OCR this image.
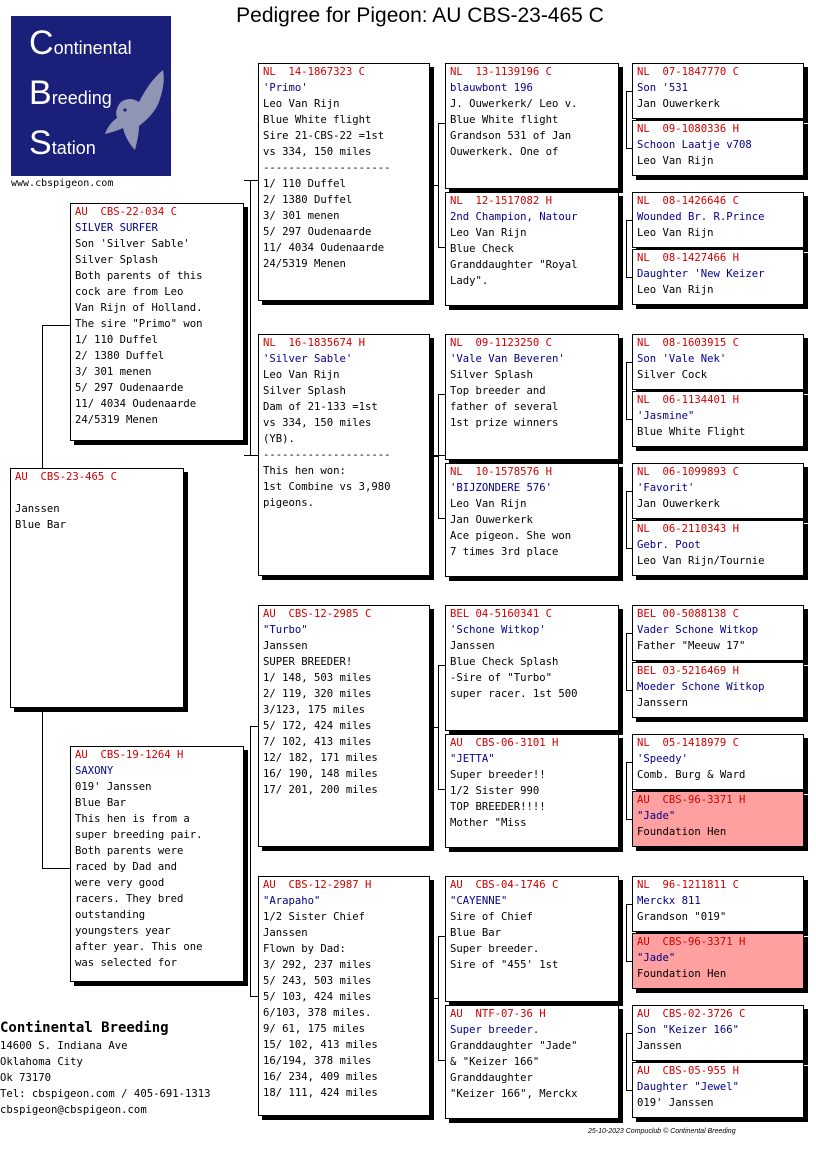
Pedigree for Pigeon: AU CBS-23-465 C
Continental
Breeding
Station
www.cbspigeon.com
AU  CBS-23-465 C

Janssen
Blue Bar
AU  CBS-22-034 C
SILVER SURFER
Son 'Silver Sable'
Silver Splash
Both parents of this
cock are from Leo
Van Rijn of Holland.
The sire "Primo" won
1/ 110 Duffel
2/ 1380 Duffel
3/ 301 menen
5/ 297 Oudenaarde
11/ 4034 Oudenaarde
24/5319 Menen
AU  CBS-19-1264 H
SAXONY
019' Janssen
Blue Bar
This hen is from a
super breeding pair.
Both parents were
raced by Dad and
were very good
racers. They bred
outstanding
youngsters year
after year. This one
was selected for
NL  14-1867323 C
'Primo'
Leo Van Rijn
Blue White flight
Sire 21-CBS-22 =1st
vs 334, 150 miles
--------------------
1/ 110 Duffel
2/ 1380 Duffel
3/ 301 menen
5/ 297 Oudenaarde
11/ 4034 Oudenaarde
24/5319 Menen
NL  16-1835674 H
'Silver Sable'
Leo Van Rijn
Silver Splash
Dam of 21-133 =1st
vs 334, 150 miles
(YB).
--------------------
This hen won:
1st Combine vs 3,980
pigeons.
AU  CBS-12-2985 C
"Turbo"
Janssen
SUPER BREEDER!
1/ 148, 503 miles
2/ 119, 320 miles
3/123, 175 miles
5/ 172, 424 miles
7/ 102, 413 miles
12/ 182, 171 miles
16/ 190, 148 miles
17/ 201, 200 miles
AU  CBS-12-2987 H
"Arapaho"
1/2 Sister Chief
Janssen
Flown by Dad:
3/ 292, 237 miles
5/ 243, 503 miles
5/ 103, 424 miles
6/103, 378 miles.
9/ 61, 175 miles
15/ 102, 413 miles
16/194, 378 miles
16/ 234, 409 miles
18/ 111, 424 miles
NL  13-1139196 C
blauwbont 196
J. Ouwerkerk/ Leo v.
Blue White flight
Grandson 531 of Jan
Ouwerkerk. One of
NL  12-1517082 H
2nd Champion, Natour
Leo Van Rijn
Blue Check
Granddaughter "Royal
Lady".
NL  09-1123250 C
'Vale Van Beveren'
Silver Splash
Top breeder and
father of several
1st prize winners
NL  10-1578576 H
'BIJZONDERE 576'
Leo Van Rijn
Jan Ouwerkerk
Ace pigeon. She won
7 times 3rd place
BEL 04-5160341 C
'Schone Witkop'
Janssen
Blue Check Splash
-Sire of "Turbo"
super racer. 1st 500
AU  CBS-06-3101 H
"JETTA"
Super breeder!!
1/2 Sister 990
TOP BREEDER!!!!
Mother "Miss
AU  CBS-04-1746 C
"CAYENNE"
Sire of Chief
Blue Bar
Super breeder.
Sire of "455' 1st
AU  NTF-07-36 H
Super breeder.
Granddaughter "Jade"
& "Keizer 166"
Granddaughter
"Keizer 166", Merckx
NL  07-1847770 C
Son '531
Jan Ouwerkerk
NL  09-1080336 H
Schoon Laatje v708
Leo Van Rijn
NL  08-1426646 C
Wounded Br. R.Prince
Leo Van Rijn
NL  08-1427466 H
Daughter 'New Keizer
Leo Van Rijn
NL  08-1603915 C
Son 'Vale Nek'
Silver Cock
NL  06-1134401 H
'Jasmine"
Blue White Flight
NL  06-1099893 C
'Favorit'
Jan Ouwerkerk
NL  06-2110343 H
Gebr. Poot
Leo Van Rijn/Tournie
BEL 00-5088138 C
Vader Schone Witkop
Father "Meeuw 17"
BEL 03-5216469 H
Moeder Schone Witkop
Janssern
NL  05-1418979 C
'Speedy'
Comb. Burg & Ward
AU  CBS-96-3371 H
"Jade"
Foundation Hen
NL  96-1211811 C
Merckx 811
Grandson "019"
AU  CBS-96-3371 H
"Jade"
Foundation Hen
AU  CBS-02-3726 C
Son "Keizer 166"
Janssen
AU  CBS-05-955 H
Daughter "Jewel"
019' Janssen
Continental Breeding
14600 S. Indiana Ave
Oklahoma City
Ok 73170
Tel: cbspigeon.com / 405-691-1313
cbspigeon@cbspigeon.com
25-10-2023 Compuclub © Continental Breeding
